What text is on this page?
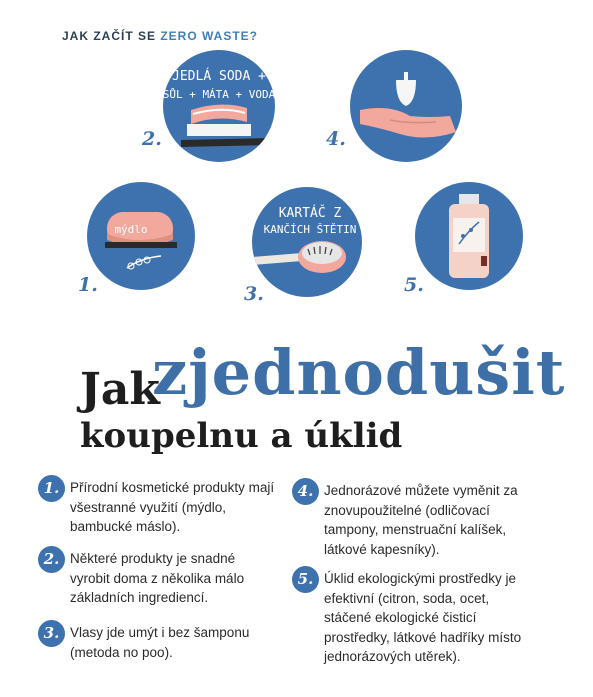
JAK ZAČÍT SE ZERO WASTE?
JEDLÁ SODA +
SŮL + MÁTA + VODA
2.	4.
mýdlo
1.
KARTÁČ Z
KANČÍCH ŠTĚTIN
3.	5.
Jak
zjednodušit
koupelnu a úklid
1. Přírodní kosmetické produkty mají všestranné využití (mýdlo, bambucké máslo).
2. Některé produkty je snadné vyrobit doma z několika málo základních ingrediencí.
3. Vlasy jde umýt i bez šamponu (metoda no poo).
4. Jednorázové můžete vyměnit za znovupoužitelné (odličovací tampony, menstruační kalíšek, látkové kapesníky).
5. Úklid ekologickými prostředky je efektivní (citron, soda, ocet, stáčené ekologické čisticí prostředky, látkové hadříky místo jednorázových utěrek).
